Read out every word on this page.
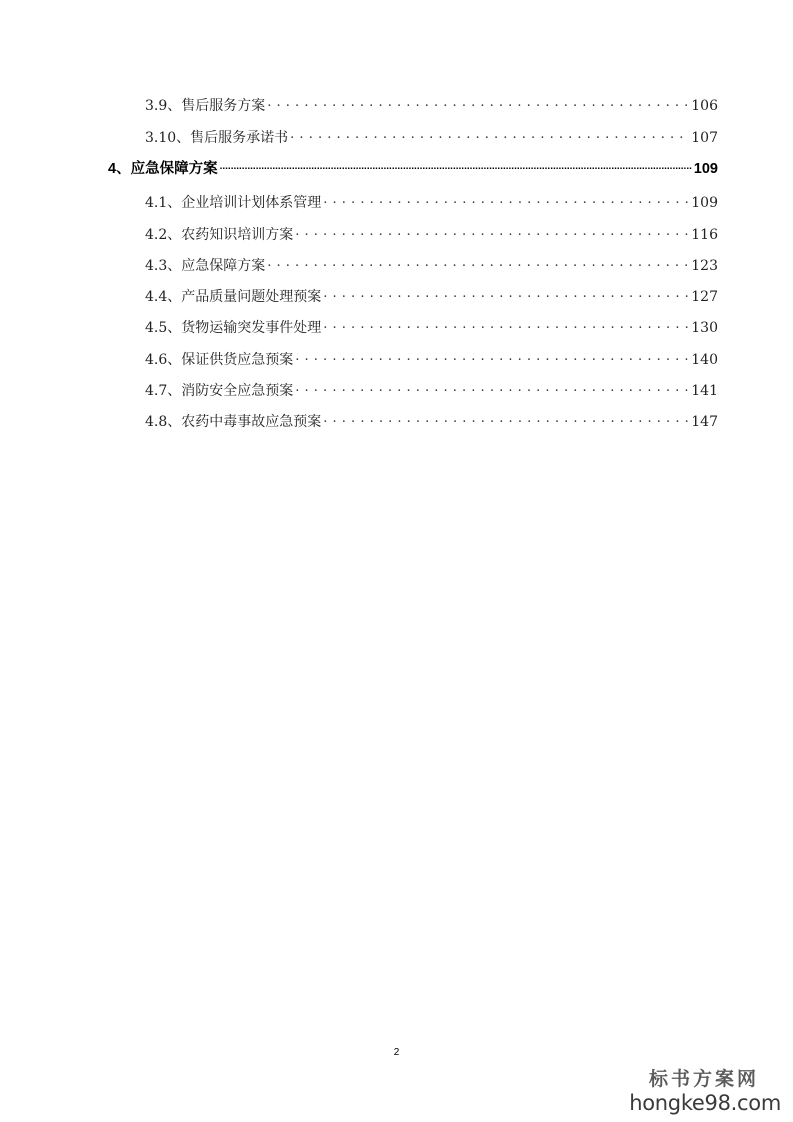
3.9、售后服务方案 . . .	106
3.10、售后服务承诺书 . . .	107
4、应急保障方案 .....	109
4.1、企业培训计划体系管理 . . .	109
4.2、农药知识培训方案 . . .	116
4.3、应急保障方案 . . .	123
4.4、产品质量问题处理预案 . . .	127
4.5、货物运输突发事件处理 . . .	130
4.6、保证供货应急预案 . . .	140
4.7、消防安全应急预案 . . .	141
4.8、农药中毒事故应急预案 . . .	147
2
标书方案网
hongke98.com
